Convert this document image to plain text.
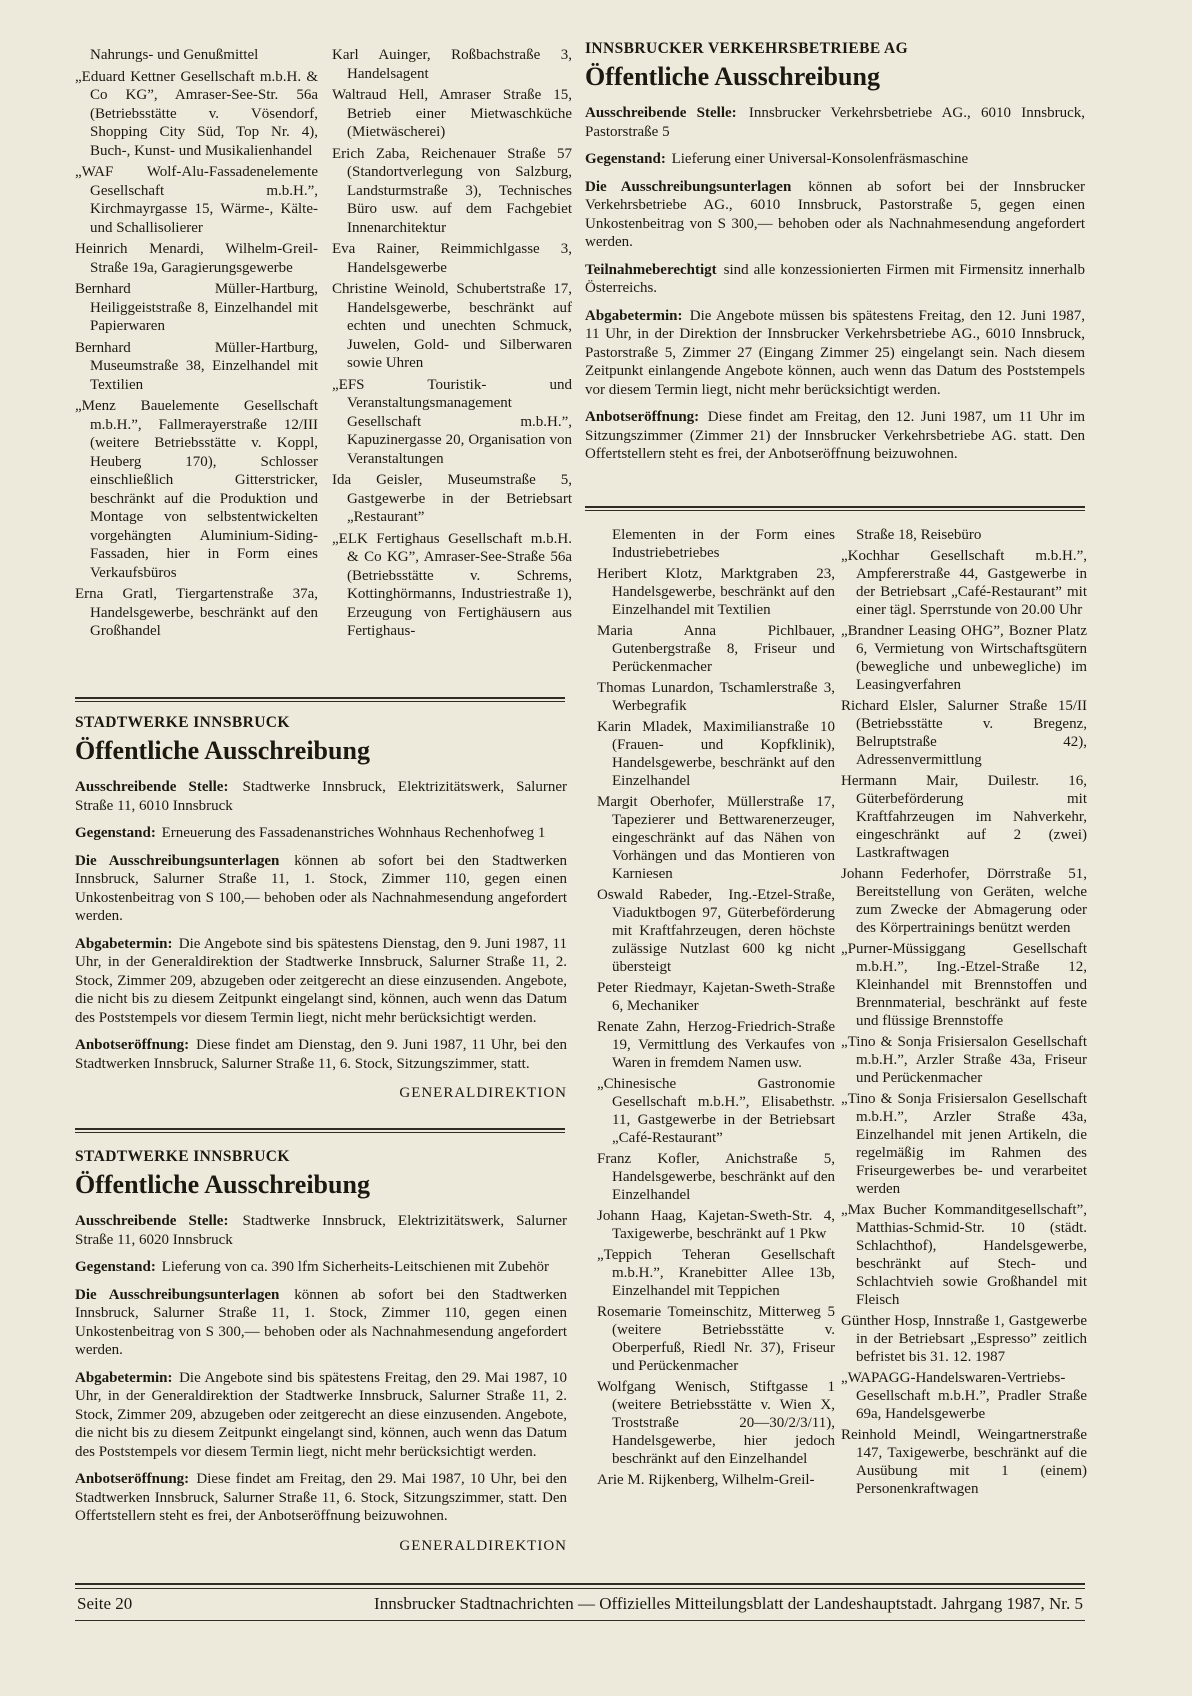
Nahrungs- und Genußmittel

„Eduard Kettner Gesellschaft m.b.H. & Co KG”, Amraser-See-Str. 56a (Betriebsstätte v. Vösendorf, Shopping City Süd, Top Nr. 4), Buch-, Kunst- und Musikalienhandel

„WAF Wolf-Alu-Fassadenelemente Gesellschaft m.b.H.”, Kirchmayrgasse 15, Wärme-, Kälte- und Schallisolierer

Heinrich Menardi, Wilhelm-Greil-Straße 19a, Garagierungsgewerbe

Bernhard Müller-Hartburg, Heiliggeiststraße 8, Einzelhandel mit Papierwaren

Bernhard Müller-Hartburg, Museumstraße 38, Einzelhandel mit Textilien

„Menz Bauelemente Gesellschaft m.b.H.”, Fallmerayerstraße 12/III (weitere Betriebsstätte v. Koppl, Heuberg 170), Schlosser einschließlich Gitterstricker, beschränkt auf die Produktion und Montage von selbstentwickelten vorgehängten Aluminium-Siding-Fassaden, hier in Form eines Verkaufsbüros

Erna Gratl, Tiergartenstraße 37a, Handelsgewerbe, beschränkt auf den Großhandel

Karl Auinger, Roßbachstraße 3, Handelsagent

Waltraud Hell, Amraser Straße 15, Betrieb einer Mietwaschküche (Mietwäscherei)

Erich Zaba, Reichenauer Straße 57 (Standortverlegung von Salzburg, Landsturmstraße 3), Technisches Büro usw. auf dem Fachgebiet Innenarchitektur

Eva Rainer, Reimmichlgasse 3, Handelsgewerbe

Christine Weinold, Schubertstraße 17, Handelsgewerbe, beschränkt auf echten und unechten Schmuck, Juwelen, Gold- und Silberwaren sowie Uhren

„EFS Touristik- und Veranstaltungsmanagement Gesellschaft m.b.H.”, Kapuzinergasse 20, Organisation von Veranstaltungen

Ida Geisler, Museumstraße 5, Gastgewerbe in der Betriebsart „Restaurant”

„ELK Fertighaus Gesellschaft m.b.H. & Co KG”, Amraser-See-Straße 56a (Betriebsstätte v. Schrems, Kottinghörmanns, Industriestraße 1), Erzeugung von Fertighäusern aus Fertighaus-

INNSBRUCKER VERKEHRSBETRIEBE AG
Öffentliche Ausschreibung

Ausschreibende Stelle: Innsbrucker Verkehrsbetriebe AG., 6010 Innsbruck, Pastorstraße 5

Gegenstand: Lieferung einer Universal-Konsolenfräsmaschine

Die Ausschreibungsunterlagen können ab sofort bei der Innsbrucker Verkehrsbetriebe AG., 6010 Innsbruck, Pastorstraße 5, gegen einen Unkostenbeitrag von S 300,— behoben oder als Nachnahmesendung angefordert werden.

Teilnahmeberechtigt sind alle konzessionierten Firmen mit Firmensitz innerhalb Österreichs.

Abgabetermin: Die Angebote müssen bis spätestens Freitag, den 12. Juni 1987, 11 Uhr, in der Direktion der Innsbrucker Verkehrsbetriebe AG., 6010 Innsbruck, Pastorstraße 5, Zimmer 27 (Eingang Zimmer 25) eingelangt sein. Nach diesem Zeitpunkt einlangende Angebote können, auch wenn das Datum des Poststempels vor diesem Termin liegt, nicht mehr berücksichtigt werden.

Anbotseröffnung: Diese findet am Freitag, den 12. Juni 1987, um 11 Uhr im Sitzungszimmer (Zimmer 21) der Innsbrucker Verkehrsbetriebe AG. statt. Den Offertstellern steht es frei, der Anbotseröffnung beizuwohnen.

Elementen in der Form eines Industriebetriebes

Heribert Klotz, Marktgraben 23, Handelsgewerbe, beschränkt auf den Einzelhandel mit Textilien

Maria Anna Pichlbauer, Gutenbergstraße 8, Friseur und Perückenmacher

Thomas Lunardon, Tschamlerstraße 3, Werbegrafik

Karin Mladek, Maximilianstraße 10 (Frauen- und Kopfklinik), Handelsgewerbe, beschränkt auf den Einzelhandel

Margit Oberhofer, Müllerstraße 17, Tapezierer und Bettwarenerzeuger, eingeschränkt auf das Nähen von Vorhängen und das Montieren von Karniesen

Oswald Rabeder, Ing.-Etzel-Straße, Viaduktbogen 97, Güterbeförderung mit Kraftfahrzeugen, deren höchste zulässige Nutzlast 600 kg nicht übersteigt

Peter Riedmayr, Kajetan-Sweth-Straße 6, Mechaniker

Renate Zahn, Herzog-Friedrich-Straße 19, Vermittlung des Verkaufes von Waren in fremdem Namen usw.

„Chinesische Gastronomie Gesellschaft m.b.H.”, Elisabethstr. 11, Gastgewerbe in der Betriebsart „Café-Restaurant”

Franz Kofler, Anichstraße 5, Handelsgewerbe, beschränkt auf den Einzelhandel

Johann Haag, Kajetan-Sweth-Str. 4, Taxigewerbe, beschränkt auf 1 Pkw

„Teppich Teheran Gesellschaft m.b.H.”, Kranebitter Allee 13b, Einzelhandel mit Teppichen

Rosemarie Tomeinschitz, Mitterweg 5 (weitere Betriebsstätte v. Oberperfuß, Riedl Nr. 37), Friseur und Perückenmacher

Wolfgang Wenisch, Stiftgasse 1 (weitere Betriebsstätte v. Wien X, Troststraße 20—30/2/3/11), Handelsgewerbe, hier jedoch beschränkt auf den Einzelhandel

Arie M. Rijkenberg, Wilhelm-Greil-

Straße 18, Reisebüro

„Kochhar Gesellschaft m.b.H.”, Ampfererstraße 44, Gastgewerbe in der Betriebsart „Café-Restaurant” mit einer tägl. Sperrstunde von 20.00 Uhr

„Brandner Leasing OHG”, Bozner Platz 6, Vermietung von Wirtschaftsgütern (bewegliche und unbewegliche) im Leasingverfahren

Richard Elsler, Salurner Straße 15/II (Betriebsstätte v. Bregenz, Belruptstraße 42), Adressenvermittlung

Hermann Mair, Duilestr. 16, Güterbeförderung mit Kraftfahrzeugen im Nahverkehr, eingeschränkt auf 2 (zwei) Lastkraftwagen

Johann Federhofer, Dörrstraße 51, Bereitstellung von Geräten, welche zum Zwecke der Abmagerung oder des Körpertrainings benützt werden

„Purner-Müssiggang Gesellschaft m.b.H.”, Ing.-Etzel-Straße 12, Kleinhandel mit Brennstoffen und Brennmaterial, beschränkt auf feste und flüssige Brennstoffe

„Tino & Sonja Frisiersalon Gesellschaft m.b.H.”, Arzler Straße 43a, Friseur und Perückenmacher

„Tino & Sonja Frisiersalon Gesellschaft m.b.H.”, Arzler Straße 43a, Einzelhandel mit jenen Artikeln, die regelmäßig im Rahmen des Friseurgewerbes be- und verarbeitet werden

„Max Bucher Kommanditgesellschaft”, Matthias-Schmid-Str. 10 (städt. Schlachthof), Handelsgewerbe, beschränkt auf Stech- und Schlachtvieh sowie Großhandel mit Fleisch

Günther Hosp, Innstraße 1, Gastgewerbe in der Betriebsart „Espresso” zeitlich befristet bis 31. 12. 1987

„WAPAGG-Handelswaren-Vertriebs-Gesellschaft m.b.H.”, Pradler Straße 69a, Handelsgewerbe

Reinhold Meindl, Weingartnerstraße 147, Taxigewerbe, beschränkt auf die Ausübung mit 1 (einem) Personenkraftwagen

STADTWERKE INNSBRUCK
Öffentliche Ausschreibung

Ausschreibende Stelle: Stadtwerke Innsbruck, Elektrizitätswerk, Salurner Straße 11, 6010 Innsbruck

Gegenstand: Erneuerung des Fassadenanstriches Wohnhaus Rechenhofweg 1

Die Ausschreibungsunterlagen können ab sofort bei den Stadtwerken Innsbruck, Salurner Straße 11, 1. Stock, Zimmer 110, gegen einen Unkostenbeitrag von S 100,— behoben oder als Nachnahmesendung angefordert werden.

Abgabetermin: Die Angebote sind bis spätestens Dienstag, den 9. Juni 1987, 11 Uhr, in der Generaldirektion der Stadtwerke Innsbruck, Salurner Straße 11, 2. Stock, Zimmer 209, abzugeben oder zeitgerecht an diese einzusenden. Angebote, die nicht bis zu diesem Zeitpunkt eingelangt sind, können, auch wenn das Datum des Poststempels vor diesem Termin liegt, nicht mehr berücksichtigt werden.

Anbotseröffnung: Diese findet am Dienstag, den 9. Juni 1987, 11 Uhr, bei den Stadtwerken Innsbruck, Salurner Straße 11, 6. Stock, Sitzungszimmer, statt.

GENERALDIREKTION
STADTWERKE INNSBRUCK
Öffentliche Ausschreibung

Ausschreibende Stelle: Stadtwerke Innsbruck, Elektrizitätswerk, Salurner Straße 11, 6020 Innsbruck

Gegenstand: Lieferung von ca. 390 lfm Sicherheits-Leitschienen mit Zubehör

Die Ausschreibungsunterlagen können ab sofort bei den Stadtwerken Innsbruck, Salurner Straße 11, 1. Stock, Zimmer 110, gegen einen Unkostenbeitrag von S 300,— behoben oder als Nachnahmesendung angefordert werden.

Abgabetermin: Die Angebote sind bis spätestens Freitag, den 29. Mai 1987, 10 Uhr, in der Generaldirektion der Stadtwerke Innsbruck, Salurner Straße 11, 2. Stock, Zimmer 209, abzugeben oder zeitgerecht an diese einzusenden. Angebote, die nicht bis zu diesem Zeitpunkt eingelangt sind, können, auch wenn das Datum des Poststempels vor diesem Termin liegt, nicht mehr berücksichtigt werden.

Anbotseröffnung: Diese findet am Freitag, den 29. Mai 1987, 10 Uhr, bei den Stadtwerken Innsbruck, Salurner Straße 11, 6. Stock, Sitzungszimmer, statt. Den Offertstellern steht es frei, der Anbotseröffnung beizuwohnen.

GENERALDIREKTION
Seite 20	Innsbrucker Stadtnachrichten — Offizielles Mitteilungsblatt der Landeshauptstadt. Jahrgang 1987, Nr. 5
